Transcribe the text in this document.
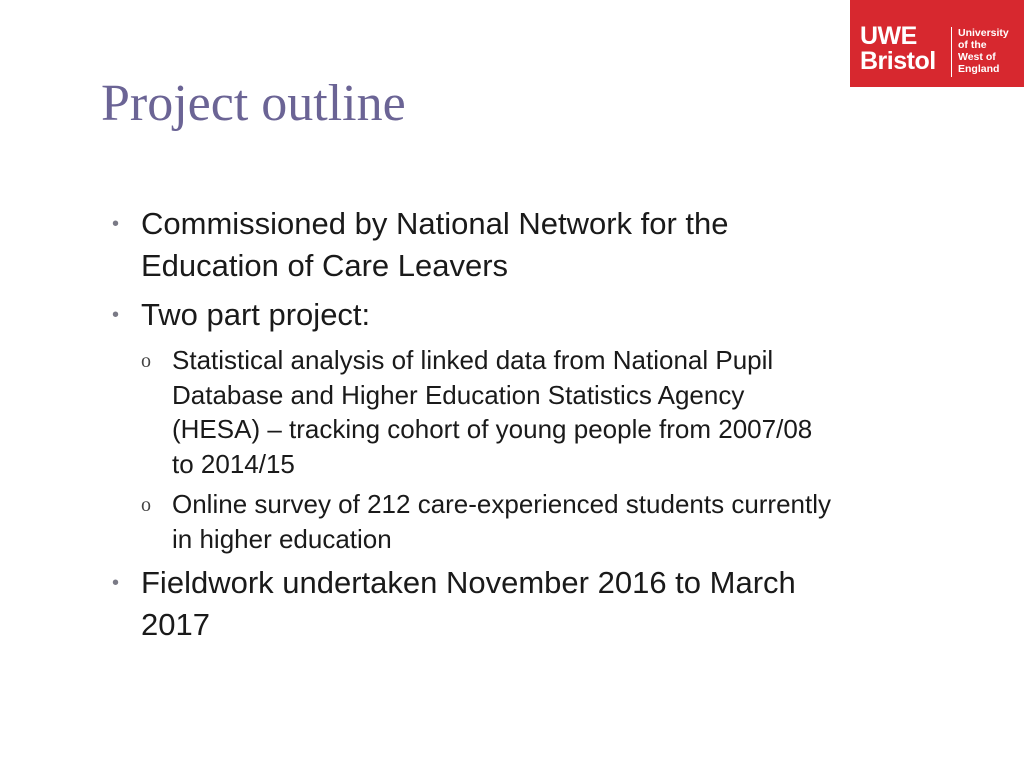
UWE
Bristol
University
of the
West of
England
Project outline
• Commissioned by National Network for the Education of Care Leavers
• Two part project:
o Statistical analysis of linked data from National Pupil Database and Higher Education Statistics Agency (HESA) – tracking cohort of young people from 2007/08 to 2014/15
o Online survey of 212 care-experienced students currently in higher education
• Fieldwork undertaken November 2016 to March 2017
